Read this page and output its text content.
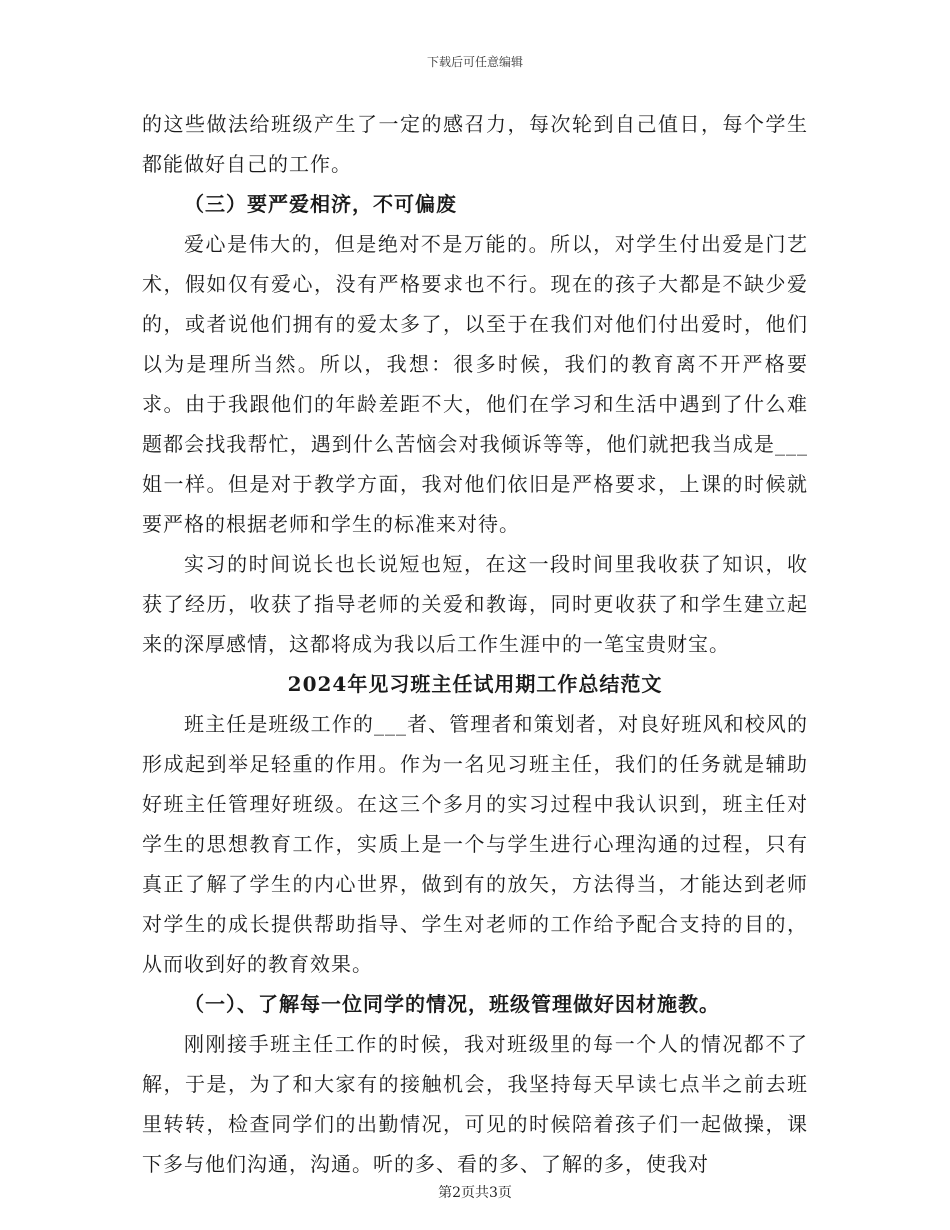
下载后可任意编辑

的这些做法给班级产生了一定的感召力，每次轮到自己值日，每个学生都能做好自己的工作。

（三）要严爱相济，不可偏废

爱心是伟大的，但是绝对不是万能的。所以，对学生付出爱是门艺术，假如仅有爱心，没有严格要求也不行。现在的孩子大都是不缺少爱的，或者说他们拥有的爱太多了，以至于在我们对他们付出爱时，他们以为是理所当然。所以，我想：很多时候，我们的教育离不开严格要求。由于我跟他们的年龄差距不大，他们在学习和生活中遇到了什么难题都会找我帮忙，遇到什么苦恼会对我倾诉等等，他们就把我当成是___姐一样。但是对于教学方面，我对他们依旧是严格要求，上课的时候就要严格的根据老师和学生的标准来对待。

实习的时间说长也长说短也短，在这一段时间里我收获了知识，收获了经历，收获了指导老师的关爱和教诲，同时更收获了和学生建立起来的深厚感情，这都将成为我以后工作生涯中的一笔宝贵财宝。

2024年见习班主任试用期工作总结范文

班主任是班级工作的___者、管理者和策划者，对良好班风和校风的形成起到举足轻重的作用。作为一名见习班主任，我们的任务就是辅助好班主任管理好班级。在这三个多月的实习过程中我认识到，班主任对学生的思想教育工作，实质上是一个与学生进行心理沟通的过程，只有真正了解了学生的内心世界，做到有的放矢，方法得当，才能达到老师对学生的成长提供帮助指导、学生对老师的工作给予配合支持的目的，从而收到好的教育效果。

（一）、了解每一位同学的情况，班级管理做好因材施教。

刚刚接手班主任工作的时候，我对班级里的每一个人的情况都不了解，于是，为了和大家有的接触机会，我坚持每天早读七点半之前去班里转转，检查同学们的出勤情况，可见的时候陪着孩子们一起做操，课下多与他们沟通，沟通。听的多、看的多、了解的多，使我对

第2页共3页
